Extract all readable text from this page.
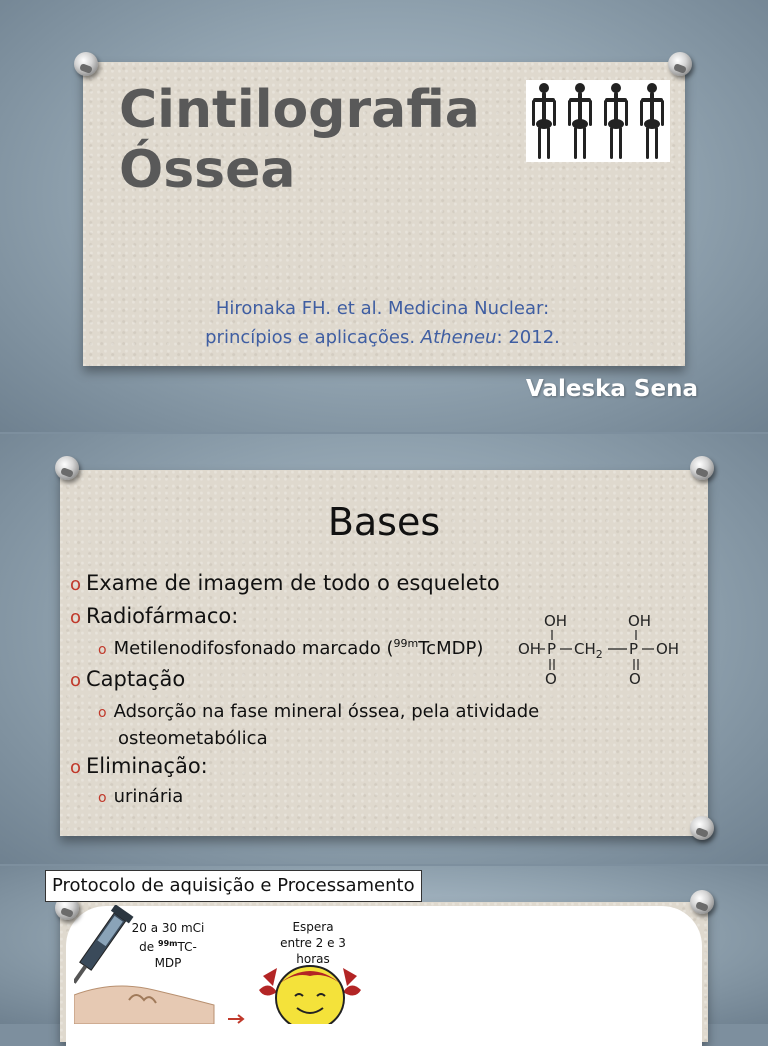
Cintilografia
Óssea
Hironaka FH. et al. Medicina Nuclear:
princípios e aplicações. Atheneu: 2012.
Valeska Sena
Bases
o Exame de imagem de todo o esqueleto
o Radiofármaco:
o Metilenodifosfonado marcado ($^{99m}$TcMDP)
o Captação
o Adsorção na fase mineral óssea, pela atividade
osteometabólica
o Eliminação:
o urinária
OH
OH P $CH_2$ P
OH
OH
O	O
Protocolo de aquisição e Processamento
20 a 30 mCi
de $^{99m}$TC-
MDP
Espera
entre 2 e 3
horas
